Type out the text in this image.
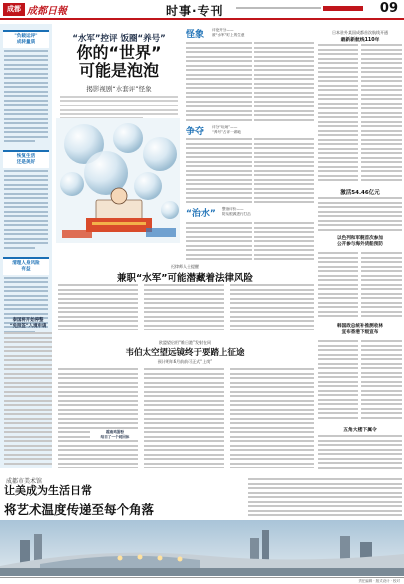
成都 成都日報	时事·专刊	09
"负载运评"
成转量质
恢复生活
还是美好
清理人身风险
有益
“水军”控评 饭圈“养号”
你的“世界”
可能是泡泡
揭影视剧“水套评”怪象
怪象 评论开分——
被“水军”盯上的生意
争夺 评分“玩场”——
“养号”占评一席地
“治水” 整治评价——
防从根源进行打击
日本驻外某国成都首次航线开通
最新新航线110年
激活54.46亿元
以色列和军舰首次参加
公开参与海外货船预防
韩国政总统补推测收林
宣布香港下级宣布
五角大楼下属令
迟律师人士提醒
兼职“水军”可能潜藏着法律风险
泰国将开始停整
“免照签”入境申请
欧盟望启用“维日港”发射在同
韦伯太空望远镜终于要踏上征途
预计明年6月前前可正式“上岗”
越南鸡蛋粉
结目了一个同回体
成都市美术馆
让美成为生活日常
将艺术温度传递至每个角落
责任编辑 · 版式设计 · 校对
